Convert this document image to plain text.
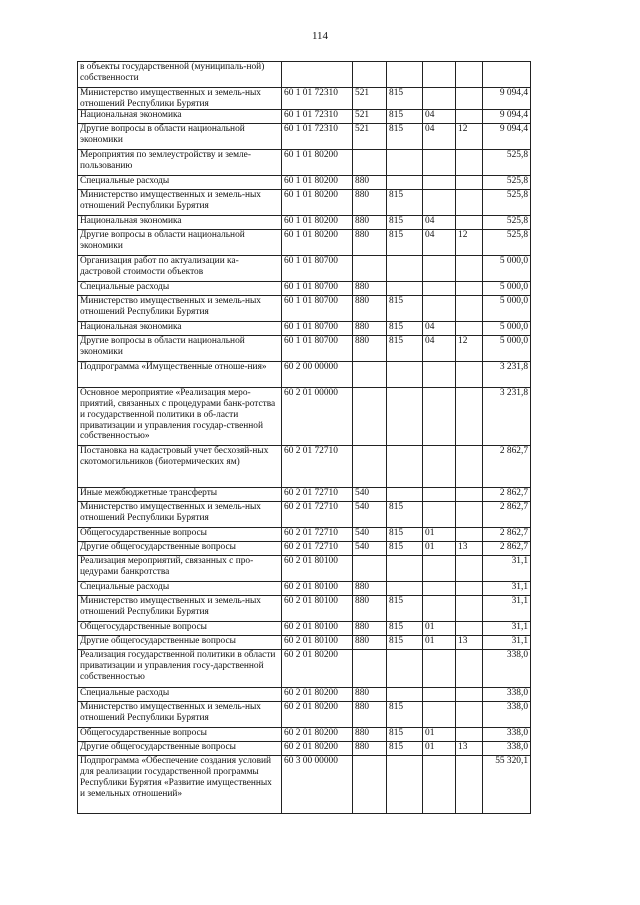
114
в объекты государственной (муниципаль-ной) собственности						
Министерство имущественных и земель-ных отношений Республики Бурятия	60 1 01 72310	521	815			9 094,4
Национальная экономика	60 1 01 72310	521	815	04		9 094,4
Другие вопросы в области национальной экономики	60 1 01 72310	521	815	04	12	9 094,4
Мероприятия по землеустройству и земле-пользованию	60 1 01 80200					525,8
Специальные расходы	60 1 01 80200	880				525,8
Министерство имущественных и земель-ных отношений Республики Бурятия	60 1 01 80200	880	815			525,8
Национальная экономика	60 1 01 80200	880	815	04		525,8
Другие вопросы в области национальной экономики	60 1 01 80200	880	815	04	12	525,8
Организация работ по актуализации ка-дастровой стоимости объектов	60 1 01 80700					5 000,0
Специальные расходы	60 1 01 80700	880				5 000,0
Министерство имущественных и земель-ных отношений Республики Бурятия	60 1 01 80700	880	815			5 000,0
Национальная экономика	60 1 01 80700	880	815	04		5 000,0
Другие вопросы в области национальной экономики	60 1 01 80700	880	815	04	12	5 000,0
Подпрограмма «Имущественные отноше-ния»	60 2 00 00000					3 231,8
Основное мероприятие «Реализация меро-приятий, связанных с процедурами банк-ротства и государственной политики в об-ласти приватизации и управления государ-ственной собственностью»	60 2 01 00000					3 231,8
Постановка на кадастровый учет бесхозяй-ных скотомогильников (биотермических ям)	60 2 01 72710					2 862,7
Иные межбюджетные трансферты	60 2 01 72710	540				2 862,7
Министерство имущественных и земель-ных отношений Республики Бурятия	60 2 01 72710	540	815			2 862,7
Общегосударственные вопросы	60 2 01 72710	540	815	01		2 862,7
Другие общегосударственные вопросы	60 2 01 72710	540	815	01	13	2 862,7
Реализация мероприятий, связанных с про-цедурами банкротства	60 2 01 80100					31,1
Специальные расходы	60 2 01 80100	880				31,1
Министерство имущественных и земель-ных отношений Республики Бурятия	60 2 01 80100	880	815			31,1
Общегосударственные вопросы	60 2 01 80100	880	815	01		31,1
Другие общегосударственные вопросы	60 2 01 80100	880	815	01	13	31,1
Реализация государственной политики в области приватизации и управления госу-дарственной собственностью	60 2 01 80200					338,0
Специальные расходы	60 2 01 80200	880				338,0
Министерство имущественных и земель-ных отношений Республики Бурятия	60 2 01 80200	880	815			338,0
Общегосударственные вопросы	60 2 01 80200	880	815	01		338,0
Другие общегосударственные вопросы	60 2 01 80200	880	815	01	13	338,0
Подпрограмма «Обеспечение создания условий для реализации государственной программы Республики Бурятия «Развитие имущественных и земельных отношений»	60 3 00 00000					55 320,1
